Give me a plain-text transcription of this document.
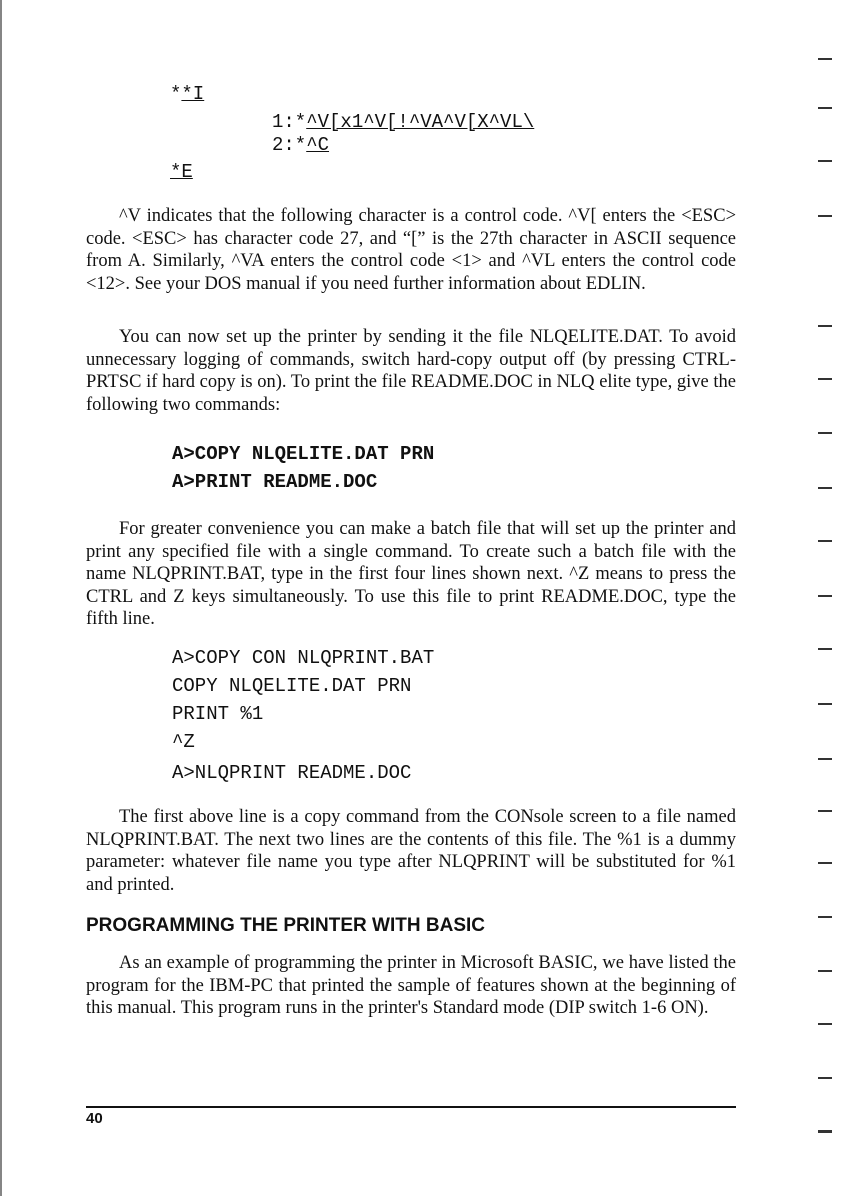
**I
1:*^V[x1^V[!^VA^V[X^VL\
2:*^C
*E

^V indicates that the following character is a control code. ^V[ enters the <ESC> code. <ESC> has character code 27, and “[” is the 27th character in ASCII sequence from A. Similarly, ^VA enters the control code <1> and ^VL enters the control code <12>. See your DOS manual if you need further information about EDLIN.

You can now set up the printer by sending it the file NLQELITE.DAT. To avoid unnecessary logging of commands, switch hard-copy output off (by pressing CTRL-PRTSC if hard copy is on). To print the file README.DOC in NLQ elite type, give the following two commands:

A>COPY NLQELITE.DAT PRN
A>PRINT README.DOC

For greater convenience you can make a batch file that will set up the printer and print any specified file with a single command. To create such a batch file with the name NLQPRINT.BAT, type in the first four lines shown next. ^Z means to press the CTRL and Z keys simultaneously. To use this file to print README.DOC, type the fifth line.

A>COPY CON NLQPRINT.BAT
COPY NLQELITE.DAT PRN
PRINT %1
^Z
A>NLQPRINT README.DOC

The first above line is a copy command from the CONsole screen to a file named NLQPRINT.BAT. The next two lines are the contents of this file. The %1 is a dummy parameter: whatever file name you type after NLQPRINT will be substituted for %1 and printed.

PROGRAMMING THE PRINTER WITH BASIC

As an example of programming the printer in Microsoft BASIC, we have listed the program for the IBM-PC that printed the sample of features shown at the beginning of this manual. This program runs in the printer's Standard mode (DIP switch 1-6 ON).

40
